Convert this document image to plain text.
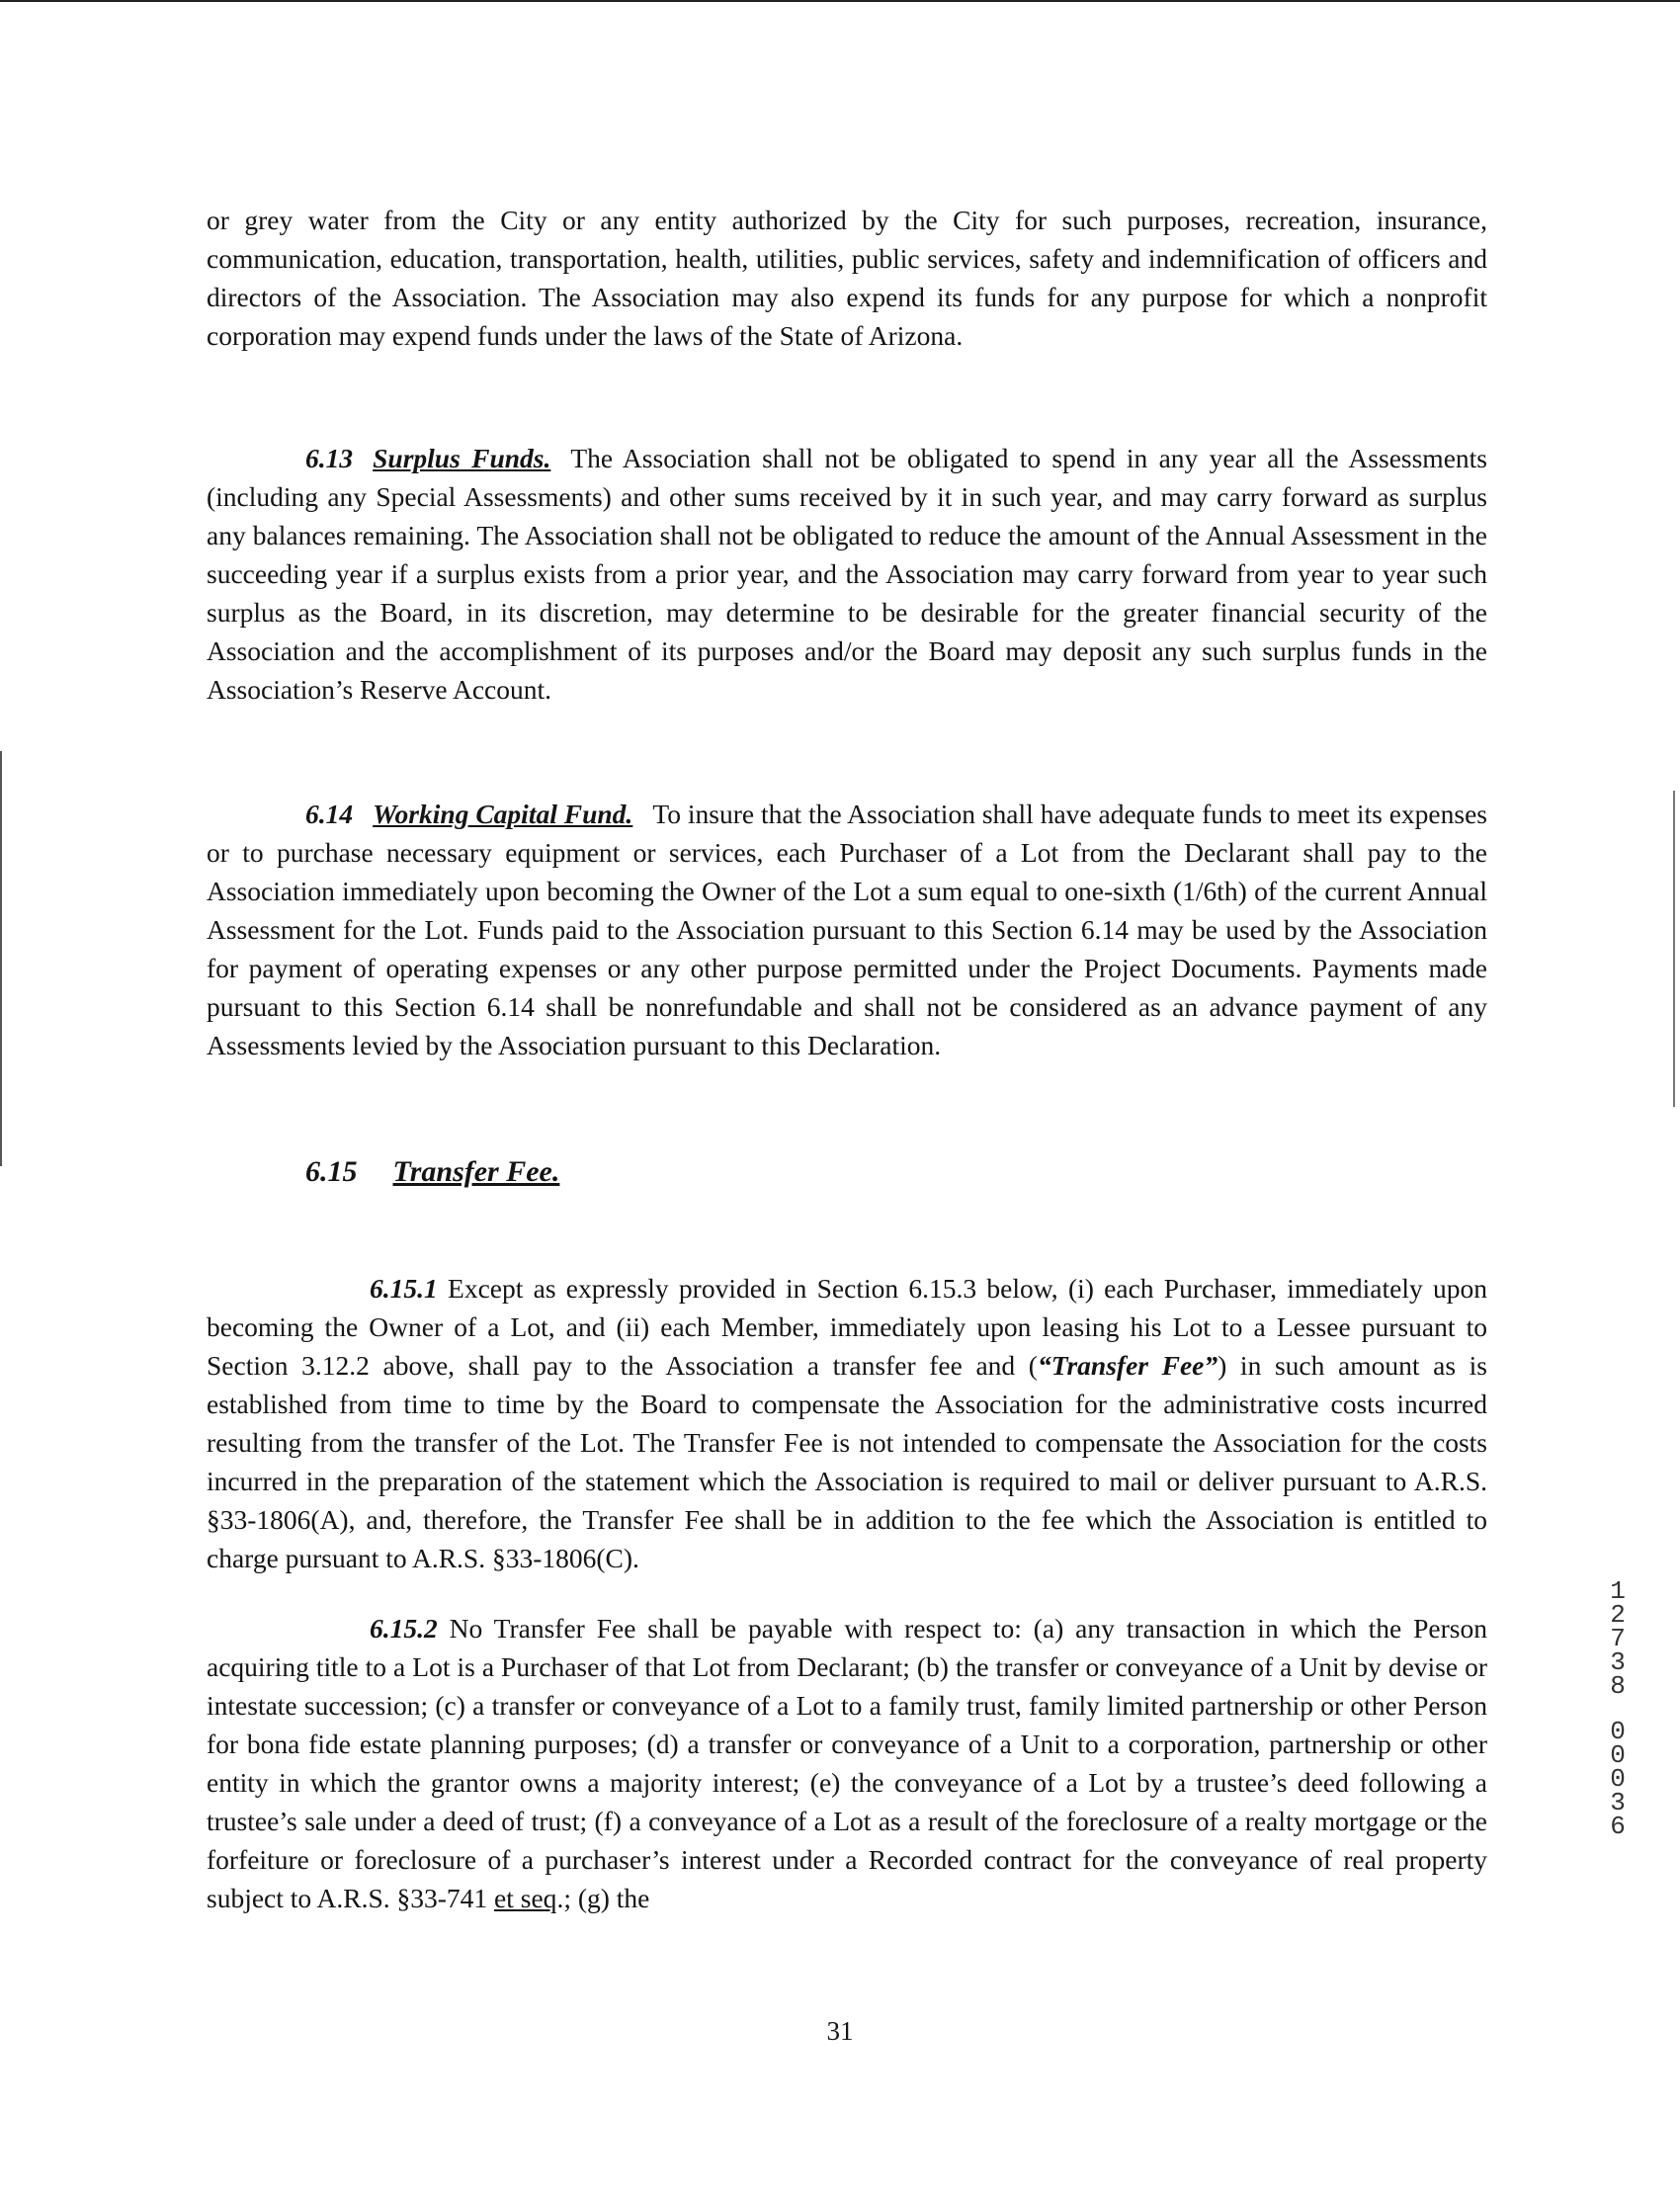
or grey water from the City or any entity authorized by the City for such purposes, recreation, insurance, communication, education, transportation, health, utilities, public services, safety and indemnification of officers and directors of the Association. The Association may also expend its funds for any purpose for which a nonprofit corporation may expend funds under the laws of the State of Arizona.

6.13 Surplus Funds. The Association shall not be obligated to spend in any year all the Assessments (including any Special Assessments) and other sums received by it in such year, and may carry forward as surplus any balances remaining. The Association shall not be obligated to reduce the amount of the Annual Assessment in the succeeding year if a surplus exists from a prior year, and the Association may carry forward from year to year such surplus as the Board, in its discretion, may determine to be desirable for the greater financial security of the Association and the accomplishment of its purposes and/or the Board may deposit any such surplus funds in the Association’s Reserve Account.

6.14 Working Capital Fund. To insure that the Association shall have adequate funds to meet its expenses or to purchase necessary equipment or services, each Purchaser of a Lot from the Declarant shall pay to the Association immediately upon becoming the Owner of the Lot a sum equal to one-sixth (1/6th) of the current Annual Assessment for the Lot. Funds paid to the Association pursuant to this Section 6.14 may be used by the Association for payment of operating expenses or any other purpose permitted under the Project Documents. Payments made pursuant to this Section 6.14 shall be nonrefundable and shall not be considered as an advance payment of any Assessments levied by the Association pursuant to this Declaration.

6.15 Transfer Fee.

6.15.1 Except as expressly provided in Section 6.15.3 below, (i) each Purchaser, immediately upon becoming the Owner of a Lot, and (ii) each Member, immediately upon leasing his Lot to a Lessee pursuant to Section 3.12.2 above, shall pay to the Association a transfer fee and (“Transfer Fee”) in such amount as is established from time to time by the Board to compensate the Association for the administrative costs incurred resulting from the transfer of the Lot. The Transfer Fee is not intended to compensate the Association for the costs incurred in the preparation of the statement which the Association is required to mail or deliver pursuant to A.R.S. §33-1806(A), and, therefore, the Transfer Fee shall be in addition to the fee which the Association is entitled to charge pursuant to A.R.S. §33-1806(C).

6.15.2 No Transfer Fee shall be payable with respect to: (a) any transaction in which the Person acquiring title to a Lot is a Purchaser of that Lot from Declarant; (b) the transfer or conveyance of a Unit by devise or intestate succession; (c) a transfer or conveyance of a Lot to a family trust, family limited partnership or other Person for bona fide estate planning purposes; (d) a transfer or conveyance of a Unit to a corporation, partnership or other entity in which the grantor owns a majority interest; (e) the conveyance of a Lot by a trustee’s deed following a trustee’s sale under a deed of trust; (f) a conveyance of a Lot as a result of the foreclosure of a realty mortgage or the forfeiture or foreclosure of a purchaser’s interest under a Recorded contract for the conveyance of real property subject to A.R.S. §33-741 et seq.; (g) the

1
2
7
3
8
0
0
0
3
6
31
